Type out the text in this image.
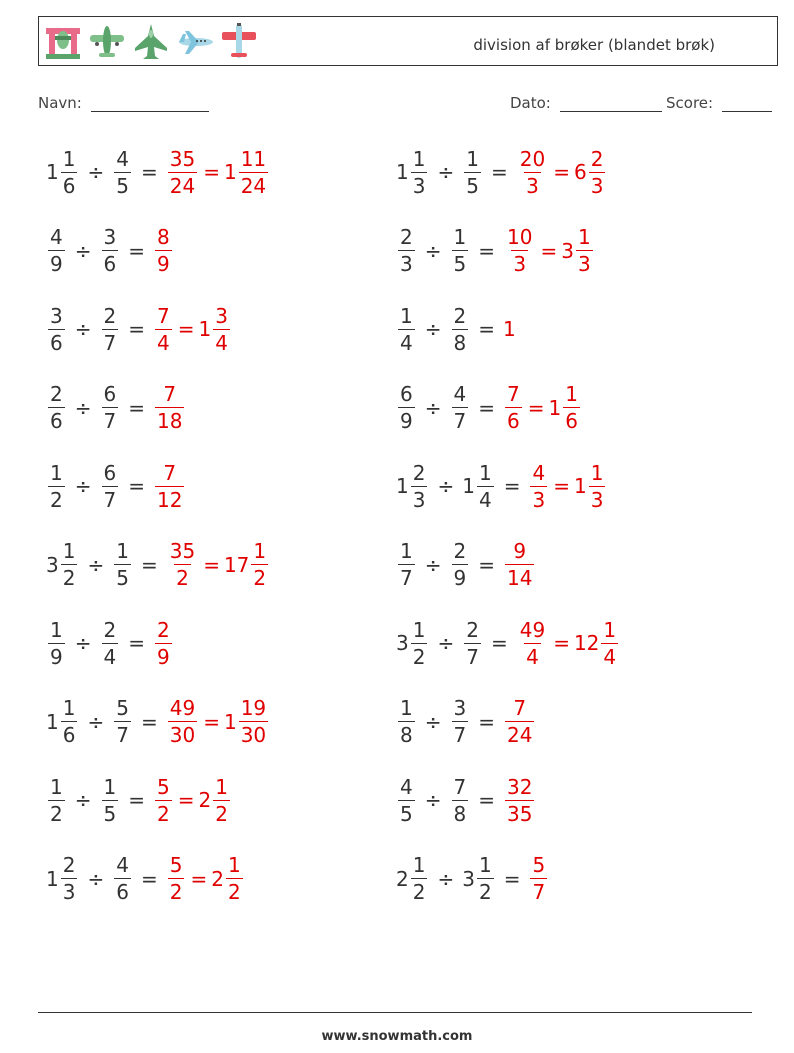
division af brøker (blandet brøk)
Navn:	Dato:	Score:
$1 \frac{1}{6} \div \frac{4}{5} = \frac{35}{24} = 1 \frac{11}{24}$	$1 \frac{1}{3} \div \frac{1}{5} = \frac{20}{3} = 6 \frac{2}{3}$
$\frac{4}{9} \div \frac{3}{6} = \frac{8}{9}$	$\frac{2}{3} \div \frac{1}{5} = \frac{10}{3} = 3 \frac{1}{3}$
$\frac{3}{6} \div \frac{2}{7} = \frac{7}{4} = 1 \frac{3}{4}$	$\frac{1}{4} \div \frac{2}{8} = 1$
$\frac{2}{6} \div \frac{6}{7} = \frac{7}{18}$	$\frac{6}{9} \div \frac{4}{7} = \frac{7}{6} = 1 \frac{1}{6}$
$\frac{1}{2} \div \frac{6}{7} = \frac{7}{12}$	$1 \frac{2}{3} \div 1 \frac{1}{4} = \frac{4}{3} = 1 \frac{1}{3}$
$3 \frac{1}{2} \div \frac{1}{5} = \frac{35}{2} = 17 \frac{1}{2}$	$\frac{1}{7} \div \frac{2}{9} = \frac{9}{14}$
$\frac{1}{9} \div \frac{2}{4} = \frac{2}{9}$	$3 \frac{1}{2} \div \frac{2}{7} = \frac{49}{4} = 12 \frac{1}{4}$
$1 \frac{1}{6} \div \frac{5}{7} = \frac{49}{30} = 1 \frac{19}{30}$	$\frac{1}{8} \div \frac{3}{7} = \frac{7}{24}$
$\frac{1}{2} \div \frac{1}{5} = \frac{5}{2} = 2 \frac{1}{2}$	$\frac{4}{5} \div \frac{7}{8} = \frac{32}{35}$
$1 \frac{2}{3} \div \frac{4}{6} = \frac{5}{2} = 2 \frac{1}{2}$	$2 \frac{1}{2} \div 3 \frac{1}{2} = \frac{5}{7}$
www.snowmath.com
